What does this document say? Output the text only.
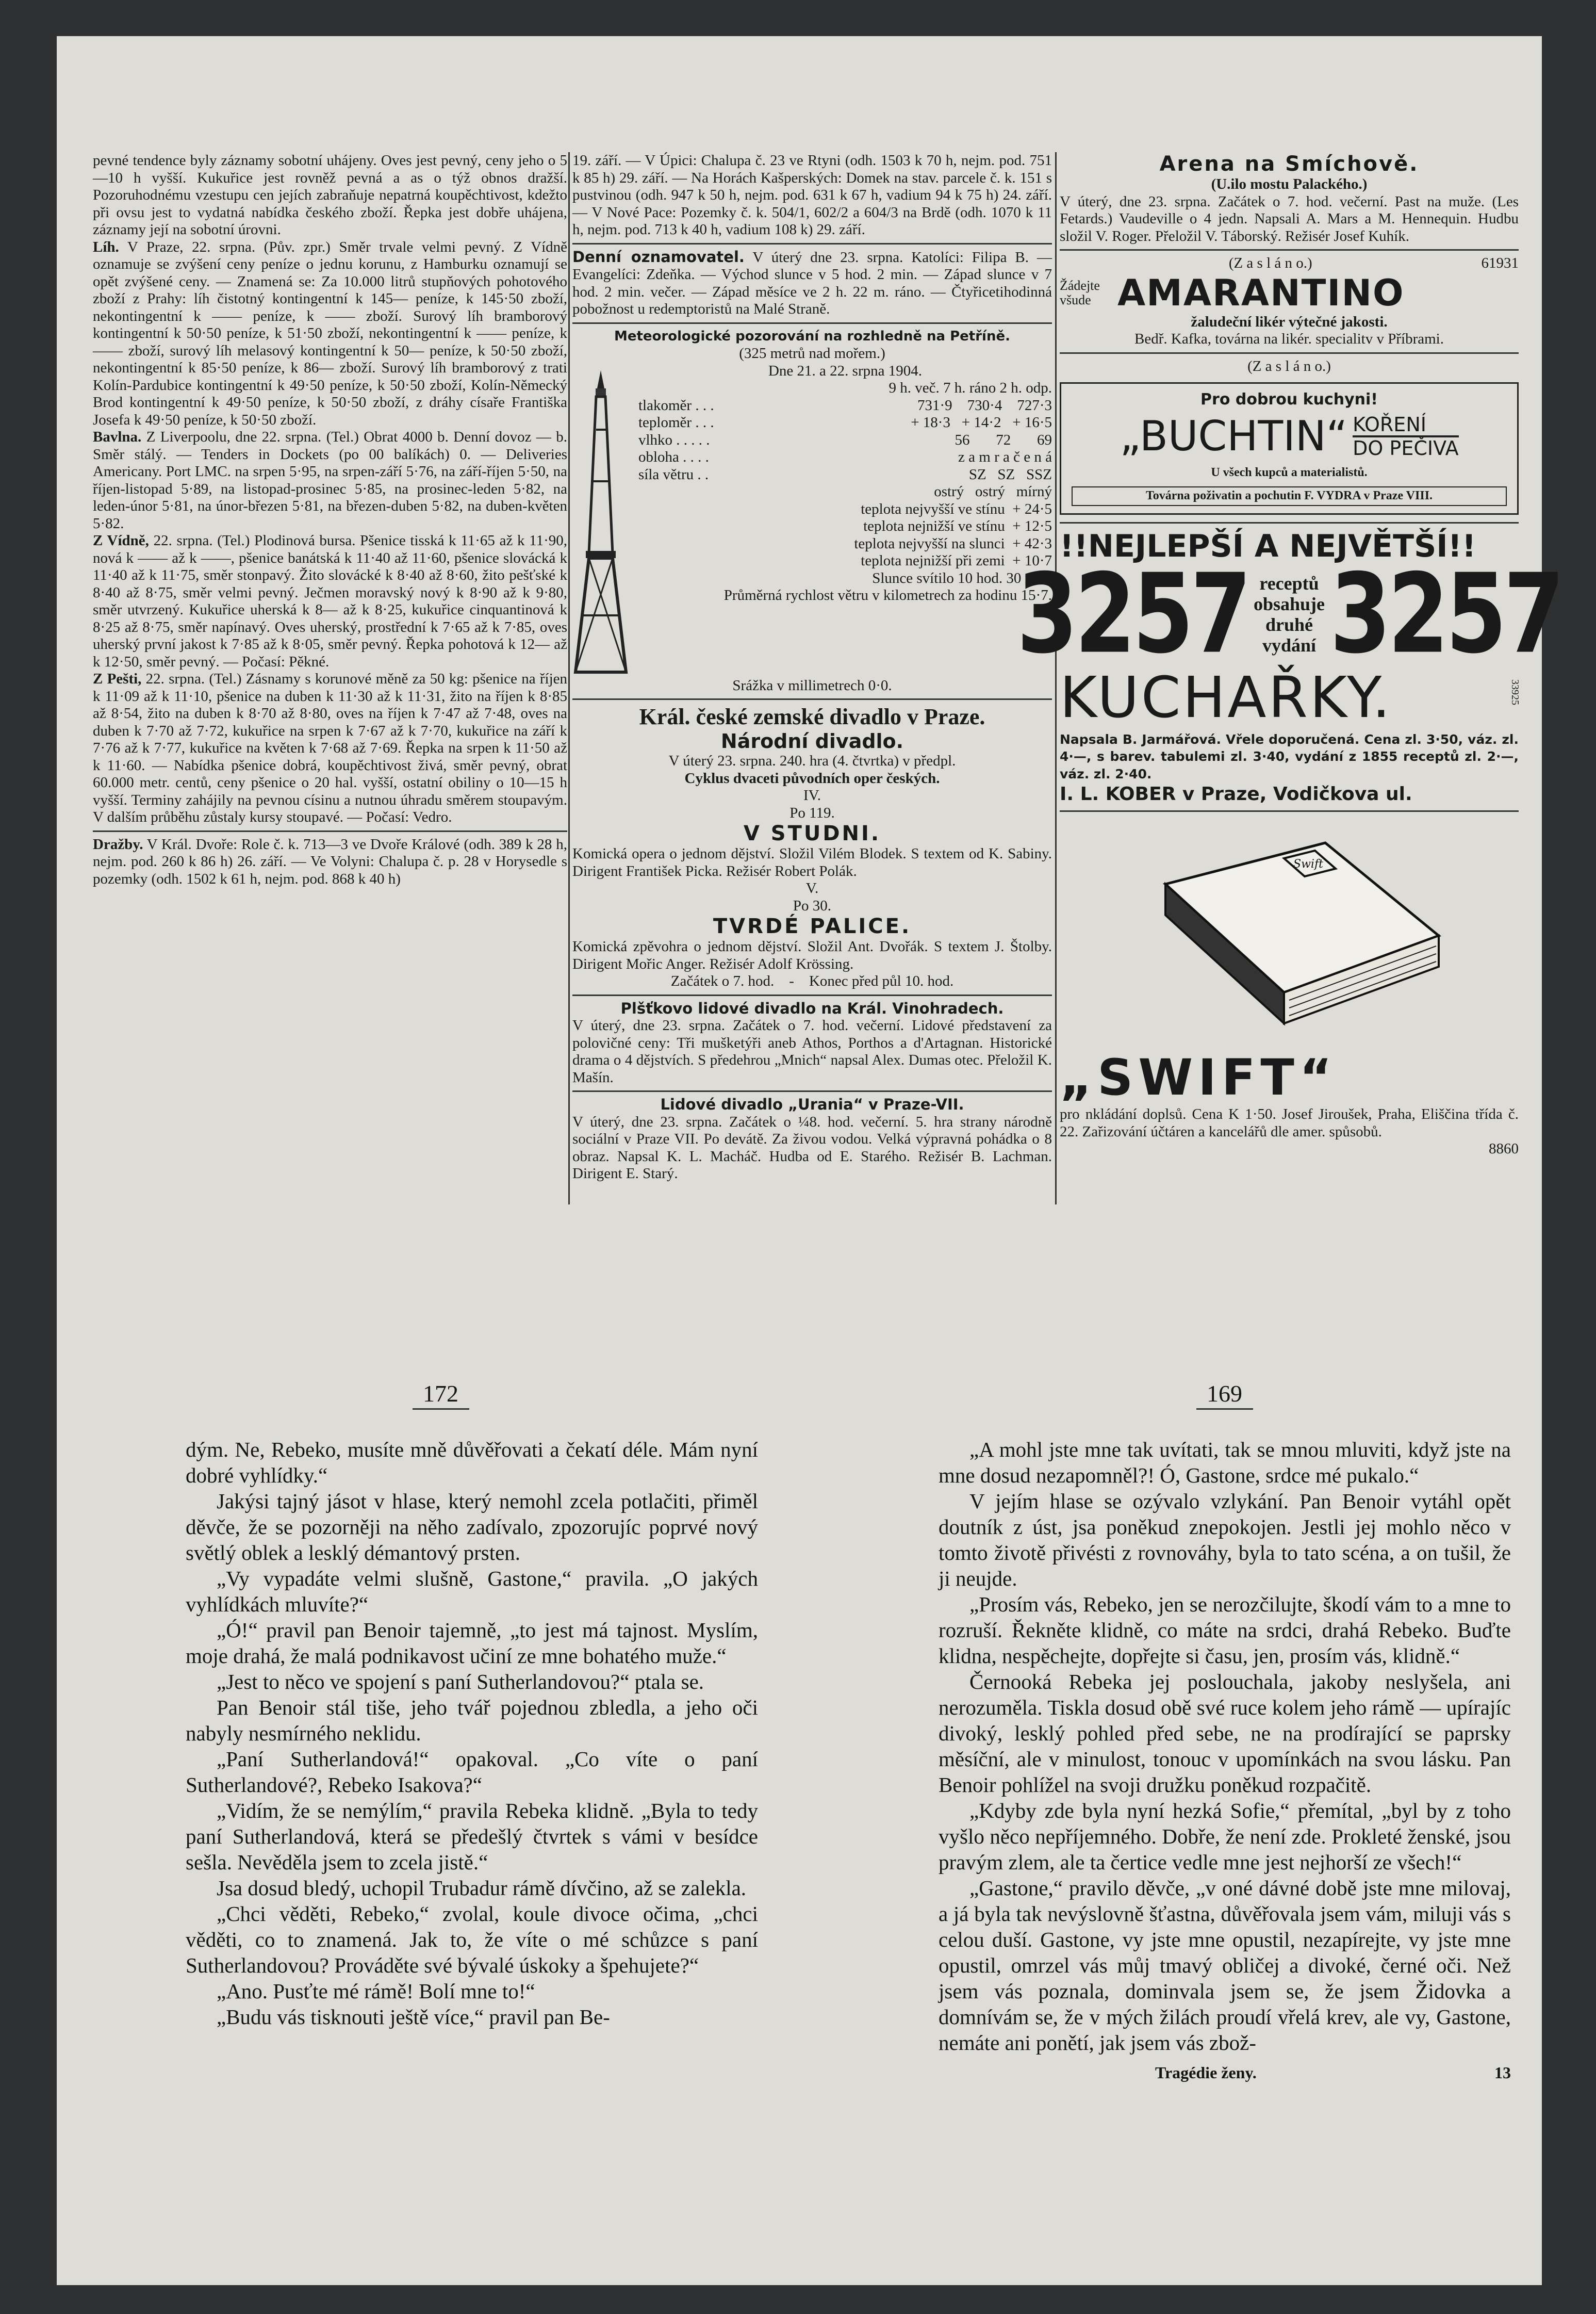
pevné tendence byly záznamy sobotní uhájeny. Oves jest pevný, ceny jeho o 5—10 h vyšší. Kukuřice jest rovněž pevná a as o týž obnos dražší. Pozoruhodnému vzestupu cen jejích zabraňuje nepatrná koupěchtivost, kdežto při ovsu jest to vydatná nabídka českého zboží. Řepka jest dobře uhájena, záznamy její na sobotní úrovni.

Líh. V Praze, 22. srpna. (Pův. zpr.) Směr trvale velmi pevný. Z Vídně oznamuje se zvýšení ceny peníze o jednu korunu, z Hamburku oznamují se opět zvýšené ceny. — Znamená se: Za 10.000 litrů stupňových pohotového zboží z Prahy: líh čistotný kontingentní k 145— peníze, k 145·50 zboží, nekontingentní k —— peníze, k —— zboží. Surový líh bramborový kontingentní k 50·50 peníze, k 51·50 zboží, nekontingentní k —— peníze, k —— zboží, surový líh melasový kontingentní k 50— peníze, k 50·50 zboží, nekontingentní k 85·50 peníze, k 86— zboží. Surový líh bramborový z trati Kolín-Pardubice kontingentní k 49·50 peníze, k 50·50 zboží, Kolín-Německý Brod kontingentní k 49·50 peníze, k 50·50 zboží, z dráhy císaře Františka Josefa k 49·50 peníze, k 50·50 zboží.

Bavlna. Z Liverpoolu, dne 22. srpna. (Tel.) Obrat 4000 b. Denní dovoz — b. Směr stálý. — Tenders in Dockets (po 00 balíkách) 0. — Deliveries Americany. Port LMC. na srpen 5·95, na srpen-září 5·76, na září-říjen 5·50, na říjen-listopad 5·89, na listopad-prosinec 5·85, na prosinec-leden 5·82, na leden-únor 5·81, na únor-březen 5·81, na březen-duben 5·82, na duben-květen 5·82.

Z Vídně, 22. srpna. (Tel.) Plodinová bursa. Pšenice tisská k 11·65 až k 11·90, nová k —— až k ——, pšenice banátská k 11·40 až 11·60, pšenice slovácká k 11·40 až k 11·75, směr stonpavý. Žito slovácké k 8·40 až 8·60, žito pešťské k 8·40 až 8·75, směr velmi pevný. Ječmen moravský nový k 8·90 až k 9·80, směr utvrzený. Kukuřice uherská k 8— až k 8·25, kukuřice cinquantinová k 8·25 až 8·75, směr napínavý. Oves uherský, prostřední k 7·65 až k 7·85, oves uherský první jakost k 7·85 až k 8·05, směr pevný. Řepka pohotová k 12— až k 12·50, směr pevný. — Počasí: Pěkné.

Z Pešti, 22. srpna. (Tel.) Zásnamy s korunové měně za 50 kg: pšenice na říjen k 11·09 až k 11·10, pšenice na duben k 11·30 až k 11·31, žito na říjen k 8·85 až 8·54, žito na duben k 8·70 až 8·80, oves na říjen k 7·47 až 7·48, oves na duben k 7·70 až 7·72, kukuřice na srpen k 7·67 až k 7·70, kukuřice na září k 7·76 až k 7·77, kukuřice na květen k 7·68 až 7·69. Řepka na srpen k 11·50 až k 11·60. — Nabídka pšenice dobrá, koupěchtivost živá, směr pevný, obrat 60.000 metr. centů, ceny pšenice o 20 hal. vyšší, ostatní obiliny o 10—15 h vyšší. Terminy zahájily na pevnou císinu a nutnou úhradu směrem stoupavým. V dalším průběhu zůstaly kursy stoupavé. — Počasí: Vedro.

Dražby. V Král. Dvoře: Role č. k. 713—3 ve Dvoře Králové (odh. 389 k 28 h, nejm. pod. 260 k 86 h) 26. září. — Ve Volyni: Chalupa č. p. 28 v Horysedle s pozemky (odh. 1502 k 61 h, nejm. pod. 868 k 40 h)

19. září. — V Úpici: Chalupa č. 23 ve Rtyni (odh. 1503 k 70 h, nejm. pod. 751 k 85 h) 29. září. — Na Horách Kašperských: Domek na stav. parcele č. k. 151 s pustvinou (odh. 947 k 50 h, nejm. pod. 631 k 67 h, vadium 94 k 75 h) 24. září. — V Nové Pace: Pozemky č. k. 504/1, 602/2 a 604/3 na Brdě (odh. 1070 k 11 h, nejm. pod. 713 k 40 h, vadium 108 k) 29. září.

Denní oznamovatel. V úterý dne 23. srpna. Katolíci: Filipa B. — Evangelíci: Zdeňka. — Východ slunce v 5 hod. 2 min. — Západ slunce v 7 hod. 2 min. večer. — Západ měsíce ve 2 h. 22 m. ráno. — Čtyřicetihodinná pobožnost u redemptoristů na Malé Straně.

Meteorologické pozorování na rozhledně na Petříně.

(325 metrů nad mořem.)

Dne 21. a 22. srpna 1904.

9 h. več. 7 h. ráno 2 h. odp.

tlakoměr . . .	731·9    730·4    727·3

teploměr . . .	+ 18·3   + 14·2   + 16·5

vlhko . . . . .	56       72       69

obloha . . . .	z a m r a č e n á

síla větru . .	SZ   SZ   SSZ

ostrý   ostrý   mírný

teplota nejvyšší ve stínu  + 24·5

teplota nejnižší ve stínu  + 12·5

teplota nejvyšší na slunci  + 42·3

teplota nejnižší při zemi  + 10·7

Slunce svítilo 10 hod. 30 min.

Průměrná rychlost větru v kilometrech za hodinu 15·7.

Srážka v millimetrech 0·0.

Král. české zemské divadlo v Praze.

Národní divadlo.

V úterý 23. srpna. 240. hra (4. čtvrtka) v předpl.

Cyklus dvaceti původních oper českých.

IV.

Po 119.

V STUDNI.

Komická opera o jednom dějství. Složil Vilém Blodek. S textem od K. Sabiny. Dirigent František Picka. Režisér Robert Polák.

V.

Po 30.

TVRDÉ PALICE.

Komická zpěvohra o jednom dějství. Složil Ant. Dvořák. S textem J. Štolby. Dirigent Mořic Anger. Režisér Adolf Krössing.

Začátek o 7. hod.    -    Konec před půl 10. hod.

Plšťkovo lidové divadlo na Král. Vinohradech.

V úterý, dne 23. srpna. Začátek o 7. hod. večerní. Lidové představení za polovičné ceny: Tři mušketýři aneb Athos, Porthos a d'Artagnan. Historické drama o 4 dějstvích. S předehrou „Mnich“ napsal Alex. Dumas otec. Přeložil K. Mašín.

Lidové divadlo „Urania“ v Praze-VII.

V úterý, dne 23. srpna. Začátek o ¼8. hod. večerní. 5. hra strany národně sociální v Praze VII. Po devátě. Za živou vodou. Velká výpravná pohádka o 8 obraz. Napsal K. L. Macháč. Hudba od E. Starého. Režisér B. Lachman. Dirigent E. Starý.

Arena na Smíchově.

(U.ilo mostu Palackého.)

V úterý, dne 23. srpna. Začátek o 7. hod. večerní. Past na muže. (Les Fetards.) Vaudeville o 4 jedn. Napsali A. Mars a M. Hennequin. Hudbu složil V. Roger. Přeložil V. Táborský. Režisér Josef Kuhík.

(Z a s l á n o.)	61931

Žádejte všude AMARANTINO

žaludeční likér výtečné jakosti.

Bedř. Kafka, továrna na likér. specialitv v Příbrami.

(Z a s l á n o.)

Pro dobrou kuchyni!

„BUCHTIN“ KOŘENÍ
DO PEČIVA

U všech kupců a materialistů.

Továrna poživatin a pochutin F. VYDRA v Praze VIII.

!!NEJLEPŠÍ A NEJVĚTŠÍ!!

3257 receptů
obsahuje
druhé
vydání 3257

KUCHAŘKY.	33925

Napsala B. Jarmářová. Vřele doporučená. Cena zl. 3·50, váz. zl. 4·—, s barev. tabulemi zl. 3·40, vydání z 1855 receptů zl. 2·—, váz. zl. 2·40.

I. L. KOBER v Praze, Vodičkova ul.

Swift

„SWIFT“

pro nkládání doplsů. Cena K 1·50. Josef Jiroušek, Praha, Eliščina třída č. 22. Zařizování účtáren a kancelářů dle amer. spůsobů.

8860

172	169

dým. Ne, Rebeko, musíte mně důvěřovati a čekatí déle. Mám nyní dobré vyhlídky.“

Jakýsi tajný jásot v hlase, který nemohl zcela potlačiti, přiměl děvče, že se pozorněji na něho zadívalo, zpozorujíc poprvé nový světlý oblek a lesklý démantový prsten.

„Vy vypadáte velmi slušně, Gastone,“ pravila. „O jakých vyhlídkách mluvíte?“

„Ó!“ pravil pan Benoir tajemně, „to jest má tajnost. Myslím, moje drahá, že malá podnikavost učiní ze mne bohatého muže.“

„Jest to něco ve spojení s paní Sutherlandovou?“ ptala se.

Pan Benoir stál tiše, jeho tvář pojednou zbledla, a jeho oči nabyly nesmírného neklidu.

„Paní Sutherlandová!“ opakoval. „Co víte o paní Sutherlandové?, Rebeko Isakova?“

„Vidím, že se nemýlím,“ pravila Rebeka klidně. „Byla to tedy paní Sutherlandová, která se předešlý čtvrtek s vámi v besídce sešla. Nevěděla jsem to zcela jistě.“

Jsa dosud bledý, uchopil Trubadur rámě dívčino, až se zalekla.

„Chci věděti, Rebeko,“ zvolal, koule divoce očima, „chci věděti, co to znamená. Jak to, že víte o mé schůzce s paní Sutherlandovou? Prováděte své bývalé úskoky a špehujete?“

„Ano. Pusťte mé rámě! Bolí mne to!“

„Budu vás tisknouti ještě více,“ pravil pan Be-

„A mohl jste mne tak uvítati, tak se mnou mluviti, když jste na mne dosud nezapomněl?! Ó, Gastone, srdce mé pukalo.“

V jejím hlase se ozývalo vzlykání. Pan Benoir vytáhl opět doutník z úst, jsa poněkud znepokojen. Jestli jej mohlo něco v tomto životě přivésti z rovnováhy, byla to tato scéna, a on tušil, že ji neujde.

„Prosím vás, Rebeko, jen se nerozčilujte, škodí vám to a mne to rozruší. Řekněte klidně, co máte na srdci, drahá Rebeko. Buďte klidna, nespěchejte, dopřejte si času, jen, prosím vás, klidně.“

Černooká Rebeka jej poslouchala, jakoby neslyšela, ani nerozuměla. Tiskla dosud obě své ruce kolem jeho rámě — upírajíc divoký, lesklý pohled před sebe, ne na prodírající se paprsky měsíční, ale v minulost, tonouc v upomínkách na svou lásku. Pan Benoir pohlížel na svoji družku poněkud rozpačitě.

„Kdyby zde byla nyní hezká Sofie,“ přemítal, „byl by z toho vyšlo něco nepříjemného. Dobře, že není zde. Prokleté ženské, jsou pravým zlem, ale ta čertice vedle mne jest nejhorší ze všech!“

„Gastone,“ pravilo děvče, „v oné dávné době jste mne milovaj, a já byla tak nevýslovně šťastna, důvěřovala jsem vám, miluji vás s celou duší. Gastone, vy jste mne opustil, nezapírejte, vy jste mne opustil, omrzel vás můj tmavý obličej a divoké, černé oči. Než jsem vás poznala, dominvala jsem se, že jsem Židovka a domnívám se, že v mých žilách proudí vřelá krev, ale vy, Gastone, nemáte ani ponětí, jak jsem vás zbož-

Tragédie ženy.	13
